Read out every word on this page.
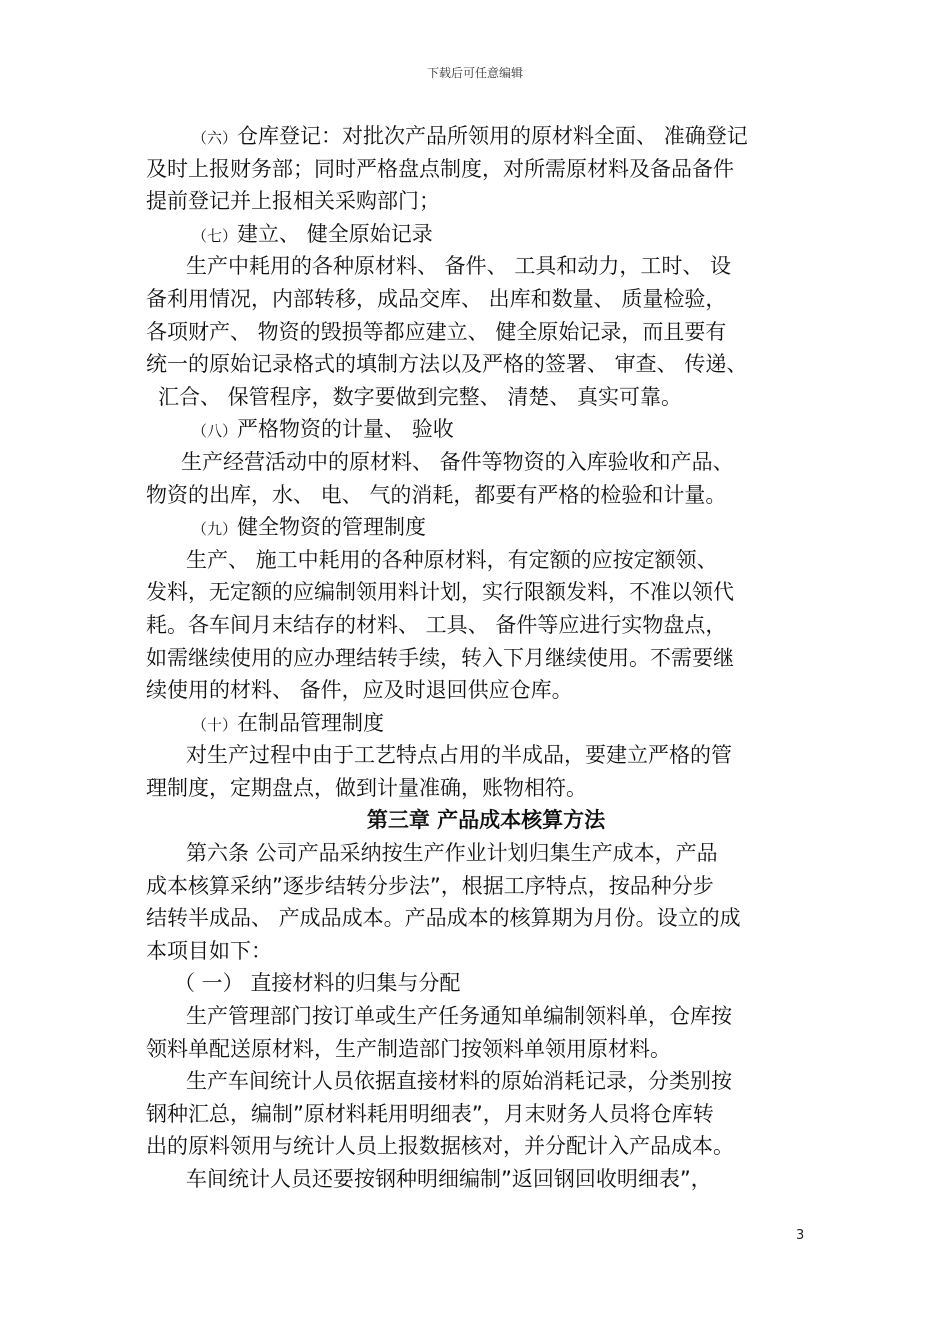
下载后可任意编辑
（六）仓库登记：对批次产品所领用的原材料全面、 准确登记
及时上报财务部；同时严格盘点制度，对所需原材料及备品备件
提前登记并上报相关采购部门；
（七）建立、 健全原始记录
生产中耗用的各种原材料、 备件、 工具和动力，工时、 设
备利用情况，内部转移，成品交库、 出库和数量、 质量检验，
各项财产、 物资的毁损等都应建立、 健全原始记录，而且要有
统一的原始记录格式的填制方法以及严格的签署、 审查、 传递、
汇合、 保管程序，数字要做到完整、 清楚、 真实可靠。
（八）严格物资的计量、 验收
生产经营活动中的原材料、 备件等物资的入库验收和产品、
物资的出库，水、 电、 气的消耗，都要有严格的检验和计量。
（九）健全物资的管理制度
生产、 施工中耗用的各种原材料，有定额的应按定额领、
发料，无定额的应编制领用料计划，实行限额发料，不准以领代
耗。各车间月末结存的材料、 工具、 备件等应进行实物盘点，
如需继续使用的应办理结转手续，转入下月继续使用。不需要继
续使用的材料、 备件，应及时退回供应仓库。
（十）在制品管理制度
对生产过程中由于工艺特点占用的半成品，要建立严格的管
理制度，定期盘点，做到计量准确，账物相符。
第三章 产品成本核算方法
第六条 公司产品采纳按生产作业计划归集生产成本，产品
成本核算采纳”逐步结转分步法”，根据工序特点，按品种分步
结转半成品、 产成品成本。产品成本的核算期为月份。设立的成
本项目如下：
（ 一） 直接材料的归集与分配
生产管理部门按订单或生产任务通知单编制领料单，仓库按
领料单配送原材料，生产制造部门按领料单领用原材料。
生产车间统计人员依据直接材料的原始消耗记录，分类别按
钢种汇总，编制”原材料耗用明细表”，月末财务人员将仓库转
出的原料领用与统计人员上报数据核对，并分配计入产品成本。
车间统计人员还要按钢种明细编制”返回钢回收明细表”，
3
